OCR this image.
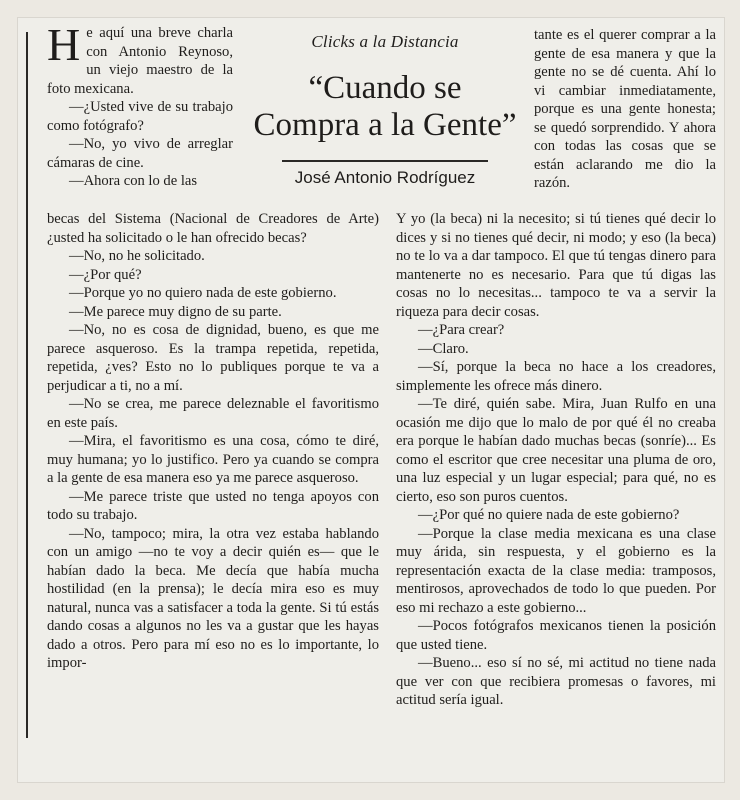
He aquí una breve charla con Antonio Reynoso, un viejo maestro de la foto mexicana.

—¿Usted vive de su trabajo como fotógrafo?

—No, yo vivo de arreglar cámaras de cine.

—Ahora con lo de las

Clicks a la Distancia
“Cuando se
Compra a la Gente”
José Antonio Rodríguez

tante es el querer comprar a la gente de esa manera y que la gente no se dé cuenta. Ahí lo vi cambiar inmediatamente, porque es una gente honesta; se quedó sorprendido. Y ahora con todas las cosas que se están aclarando me dio la razón.

becas del Sistema (Nacional de Creadores de Arte) ¿usted ha solicitado o le han ofrecido becas?

—No, no he solicitado.

—¿Por qué?

—Porque yo no quiero nada de este gobierno.

—Me parece muy digno de su parte.

—No, no es cosa de dignidad, bueno, es que me parece asqueroso. Es la trampa repetida, repetida, repetida, ¿ves? Esto no lo publiques porque te va a perjudicar a ti, no a mí.

—No se crea, me parece deleznable el favoritismo en este país.

—Mira, el favoritismo es una cosa, cómo te diré, muy humana; yo lo justifico. Pero ya cuando se compra a la gente de esa manera eso ya me parece asqueroso.

—Me parece triste que usted no tenga apoyos con todo su trabajo.

—No, tampoco; mira, la otra vez estaba hablando con un amigo —no te voy a decir quién es— que le habían dado la beca. Me decía que había mucha hostilidad (en la prensa); le decía mira eso es muy natural, nunca vas a satisfacer a toda la gente. Si tú estás dando cosas a algunos no les va a gustar que les hayas dado a otros. Pero para mí eso no es lo importante, lo impor-

Y yo (la beca) ni la necesito; si tú tienes qué decir lo dices y si no tienes qué decir, ni modo; y eso (la beca) no te lo va a dar tampoco. El que tú tengas dinero para mantenerte no es necesario. Para que tú digas las cosas no lo necesitas... tampoco te va a servir la riqueza para decir cosas.

—¿Para crear?

—Claro.

—Sí, porque la beca no hace a los creadores, simplemente les ofrece más dinero.

—Te diré, quién sabe. Mira, Juan Rulfo en una ocasión me dijo que lo malo de por qué él no creaba era porque le habían dado muchas becas (sonríe)... Es como el escritor que cree necesitar una pluma de oro, una luz especial y un lugar especial; para qué, no es cierto, eso son puros cuentos.

—¿Por qué no quiere nada de este gobierno?

—Porque la clase media mexicana es una clase muy árida, sin respuesta, y el gobierno es la representación exacta de la clase media: tramposos, mentirosos, aprovechados de todo lo que pueden. Por eso mi rechazo a este gobierno...

—Pocos fotógrafos mexicanos tienen la posición que usted tiene.

—Bueno... eso sí no sé, mi actitud no tiene nada que ver con que recibiera promesas o favores, mi actitud sería igual.
